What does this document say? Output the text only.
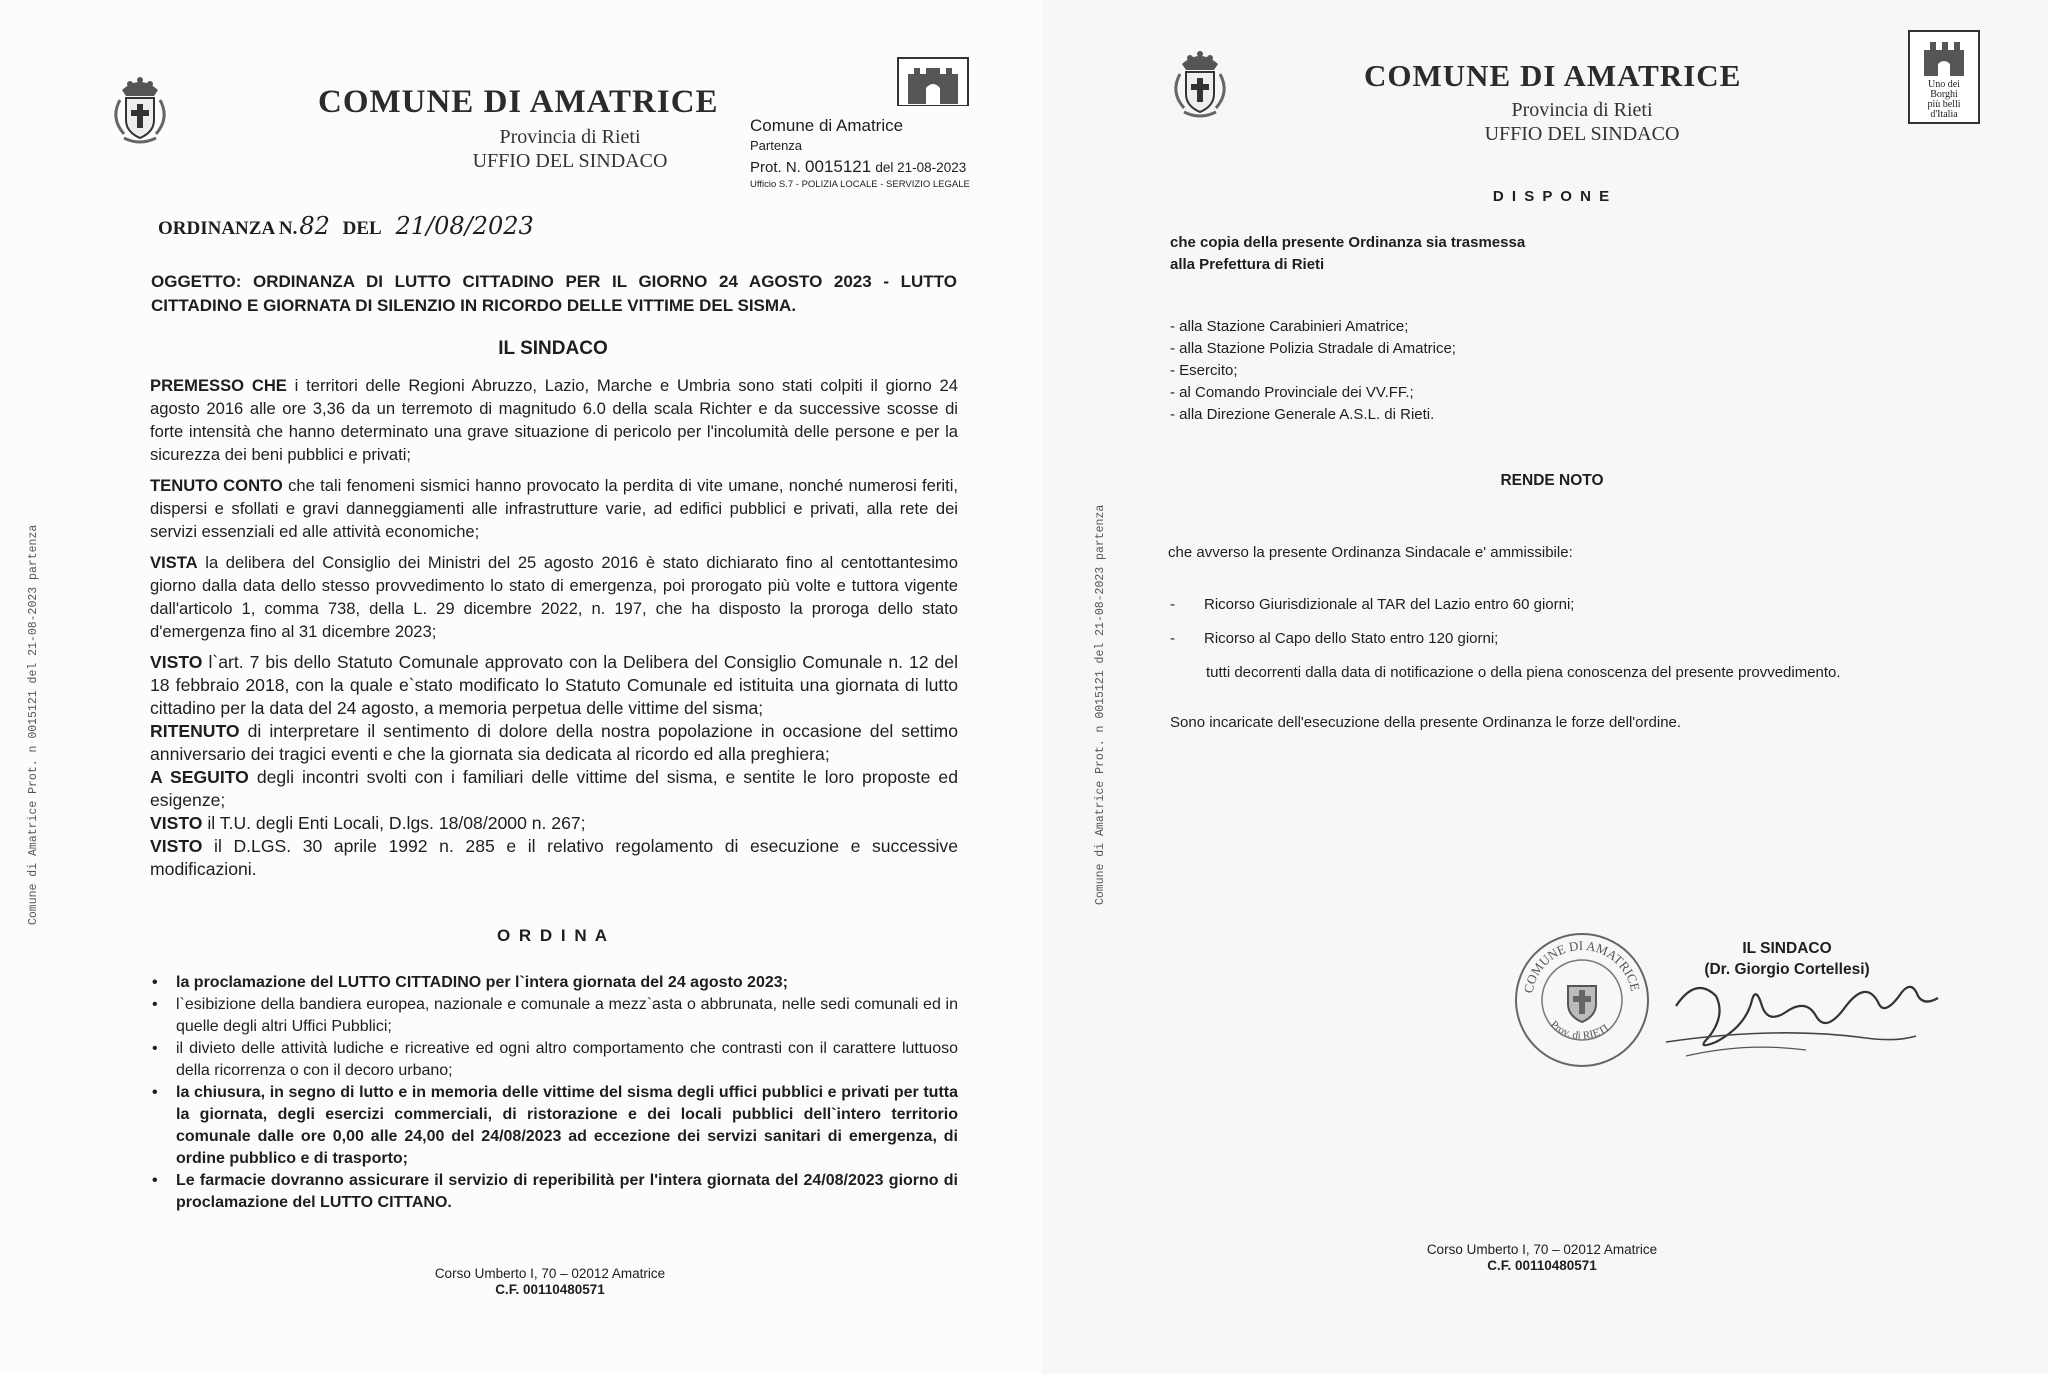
COMUNE DI AMATRICE
Provincia di Rieti
UFFIO DEL SINDACO
Comune di Amatrice
Partenza
Prot. N. 0015121 del 21-08-2023
Ufficio S.7 - POLIZIA LOCALE - SERVIZIO LEGALE
Comune di Amatrice Prot. n 0015121 del 21-08-2023 partenza
ORDINANZA N.82 DEL 21/08/2023
OGGETTO: ORDINANZA DI LUTTO CITTADINO PER IL GIORNO 24 AGOSTO 2023 - LUTTO CITTADINO E GIORNATA DI SILENZIO IN RICORDO DELLE VITTIME DEL SISMA.
IL SINDACO
PREMESSO CHE i territori delle Regioni Abruzzo, Lazio, Marche e Umbria sono stati colpiti il giorno 24 agosto 2016 alle ore 3,36 da un terremoto di magnitudo 6.0 della scala Richter e da successive scosse di forte intensità che hanno determinato una grave situazione di pericolo per l'incolumità delle persone e per la sicurezza dei beni pubblici e privati;
TENUTO CONTO che tali fenomeni sismici hanno provocato la perdita di vite umane, nonché numerosi feriti, dispersi e sfollati e gravi danneggiamenti alle infrastrutture varie, ad edifici pubblici e privati, alla rete dei servizi essenziali ed alle attività economiche;
VISTA la delibera del Consiglio dei Ministri del 25 agosto 2016 è stato dichiarato fino al centottantesimo giorno dalla data dello stesso provvedimento lo stato di emergenza, poi prorogato più volte e tuttora vigente dall'articolo 1, comma 738, della L. 29 dicembre 2022, n. 197, che ha disposto la proroga dello stato d'emergenza fino al 31 dicembre 2023;
VISTO l`art. 7 bis dello Statuto Comunale approvato con la Delibera del Consiglio Comunale n. 12 del 18 febbraio 2018, con la quale e`stato modificato lo Statuto Comunale ed istituita una giornata di lutto cittadino per la data del 24 agosto, a memoria perpetua delle vittime del sisma;
RITENUTO di interpretare il sentimento di dolore della nostra popolazione in occasione del settimo anniversario dei tragici eventi e che la giornata sia dedicata al ricordo ed alla preghiera;
A SEGUITO degli incontri svolti con i familiari delle vittime del sisma, e sentite le loro proposte ed esigenze;
VISTO il T.U. degli Enti Locali, D.lgs. 18/08/2000 n. 267;
VISTO il D.LGS. 30 aprile 1992 n. 285 e il relativo regolamento di esecuzione e successive modificazioni.
O R D I N A
• la proclamazione del LUTTO CITTADINO per l`intera giornata del 24 agosto 2023;
• l`esibizione della bandiera europea, nazionale e comunale a mezz`asta o abbrunata, nelle sedi comunali ed in quelle degli altri Uffici Pubblici;
• il divieto delle attività ludiche e ricreative ed ogni altro comportamento che contrasti con il carattere luttuoso della ricorrenza o con il decoro urbano;
• la chiusura, in segno di lutto e in memoria delle vittime del sisma degli uffici pubblici e privati per tutta la giornata, degli esercizi commerciali, di ristorazione e dei locali pubblici dell`intero territorio comunale dalle ore 0,00 alle 24,00 del 24/08/2023 ad eccezione dei servizi sanitari di emergenza, di ordine pubblico e di trasporto;
• Le farmacie dovranno assicurare il servizio di reperibilità per l'intera giornata del 24/08/2023 giorno di proclamazione del LUTTO CITTANO.
Corso Umberto I, 70 – 02012 Amatrice
C.F. 00110480571
COMUNE DI AMATRICE
Provincia di Rieti
UFFIO DEL SINDACO
Uno dei
Borghi
più belli
d'Italia
Comune di Amatrice Prot. n 0015121 del 21-08-2023 partenza
D I S P O N E
che copia della presente Ordinanza sia trasmessa
alla Prefettura di Rieti
- alla Stazione Carabinieri Amatrice;
- alla Stazione Polizia Stradale di Amatrice;
- Esercito;
- al Comando Provinciale dei VV.FF.;
- alla Direzione Generale A.S.L. di Rieti.
RENDE NOTO
che avverso la presente Ordinanza Sindacale e' ammissibile:
- Ricorso Giurisdizionale al TAR del Lazio entro 60 giorni;
- Ricorso al Capo dello Stato entro 120 giorni;
tutti decorrenti dalla data di notificazione o della piena conoscenza del presente provvedimento.
Sono incaricate dell'esecuzione della presente Ordinanza le forze dell'ordine.
COMUNE DI AMATRICE
Prov. di RIETI
IL SINDACO
(Dr. Giorgio Cortellesi)
Corso Umberto I, 70 – 02012 Amatrice
C.F. 00110480571
